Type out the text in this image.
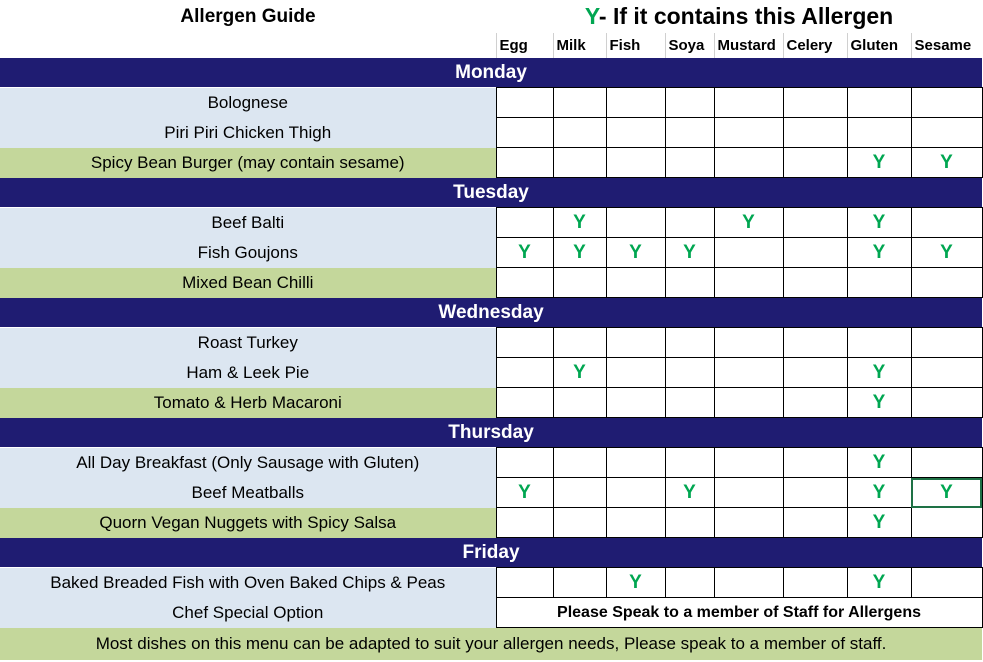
Allergen Guide	Y- If it contains this Allergen							
	Egg	Milk	Fish	Soya	Mustard	Celery	Gluten	Sesame
Monday								
Bolognese								
Piri Piri Chicken Thigh								
Spicy Bean Burger (may contain sesame)							Y	Y
Tuesday								
Beef Balti		Y			Y		Y	
Fish Goujons	Y	Y	Y	Y			Y	Y
Mixed Bean Chilli								
Wednesday								
Roast Turkey								
Ham & Leek Pie		Y					Y	
Tomato & Herb Macaroni							Y	
Thursday								
All Day Breakfast (Only Sausage with Gluten)							Y	
Beef Meatballs	Y			Y			Y	Y
Quorn Vegan Nuggets with Spicy Salsa							Y	
Friday								
Baked Breaded Fish with Oven Baked Chips & Peas			Y				Y	
Chef Special Option	Please Speak to a member of Staff for Allergens							
Most dishes on this menu can be adapted to suit your allergen needs, Please speak to a member of staff.								
